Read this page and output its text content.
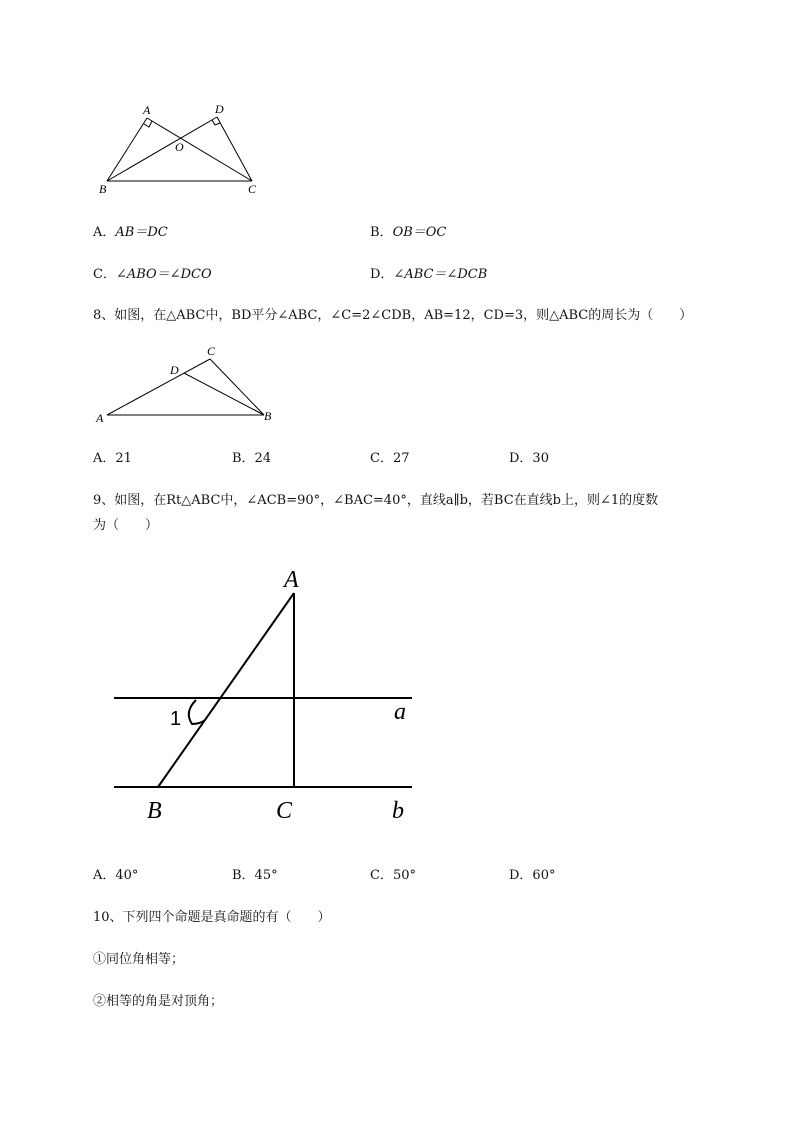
A	D
O
B	C
A．AB＝DC	B．OB＝OC
C．∠ABO＝∠DCO	D．∠ABC＝∠DCB
8、如图，在△ABC中，BD平分∠ABC，∠C=2∠CDB，AB=12，CD=3，则△ABC的周长为（　　）
C
D
A	B
A．21	B．24	C．27	D．30
9、如图，在Rt△ABC中，∠ACB=90°，∠BAC=40°，直线a∥b，若BC在直线b上，则∠1的度数
为（　　）
A
a
B	C	b
1
A．40°	B．45°	C．50°	D．60°
10、下列四个命题是真命题的有（　　）
①同位角相等；
②相等的角是对顶角；
